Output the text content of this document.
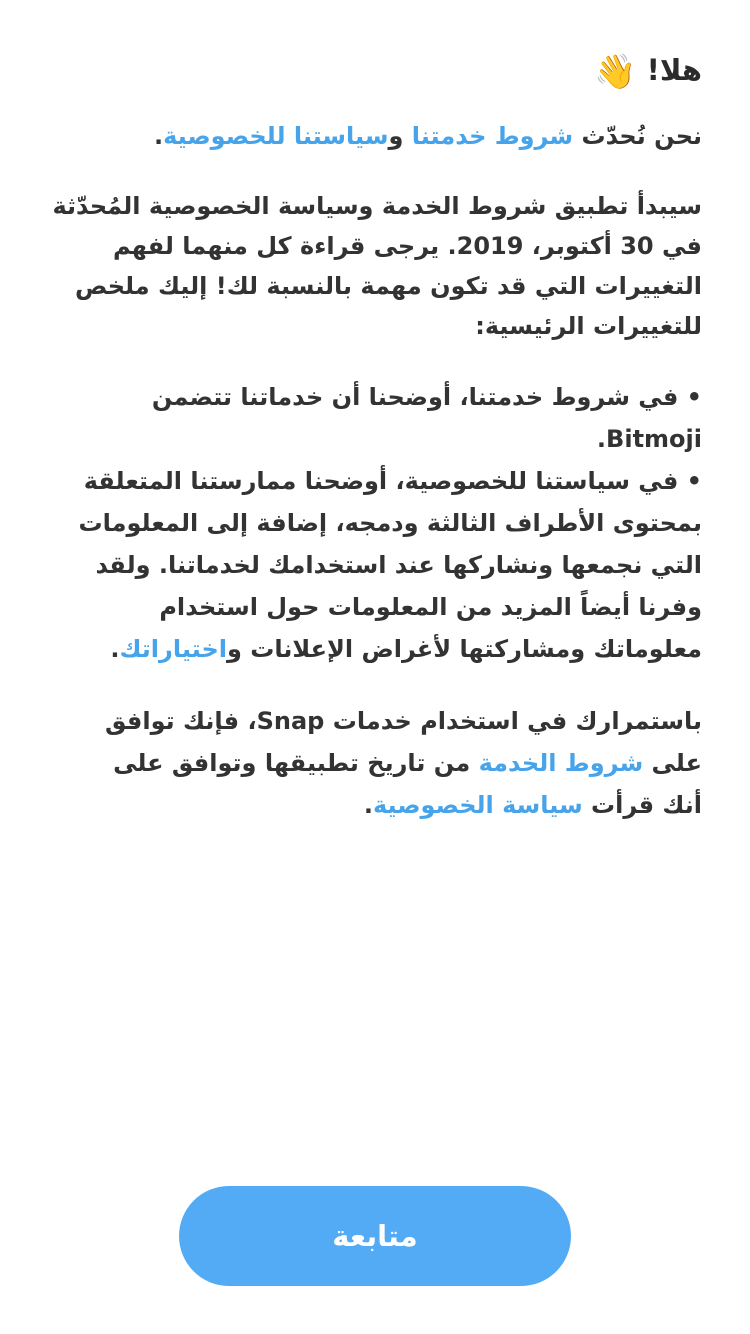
هلا! 👋

نحن نُحدّث شروط خدمتنا وسياستنا للخصوصية.

سيبدأ تطبيق شروط الخدمة وسياسة الخصوصية المُحدّثة في 30 أكتوبر، 2019. يرجى قراءة كل منهما لفهم التغييرات التي قد تكون مهمة بالنسبة لك! إليك ملخص للتغييرات الرئيسية:

• في شروط خدمتنا، أوضحنا أن خدماتنا تتضمن Bitmoji.

• في سياستنا للخصوصية، أوضحنا ممارستنا المتعلقة بمحتوى الأطراف الثالثة ودمجه، إضافة إلى المعلومات التي نجمعها ونشاركها عند استخدامك لخدماتنا. ولقد وفرنا أيضاً المزيد من المعلومات حول استخدام معلوماتك ومشاركتها لأغراض الإعلانات واختياراتك.

باستمرارك في استخدام خدمات Snap، فإنك توافق على شروط الخدمة من تاريخ تطبيقها وتوافق على أنك قرأت سياسة الخصوصية.

متابعة
